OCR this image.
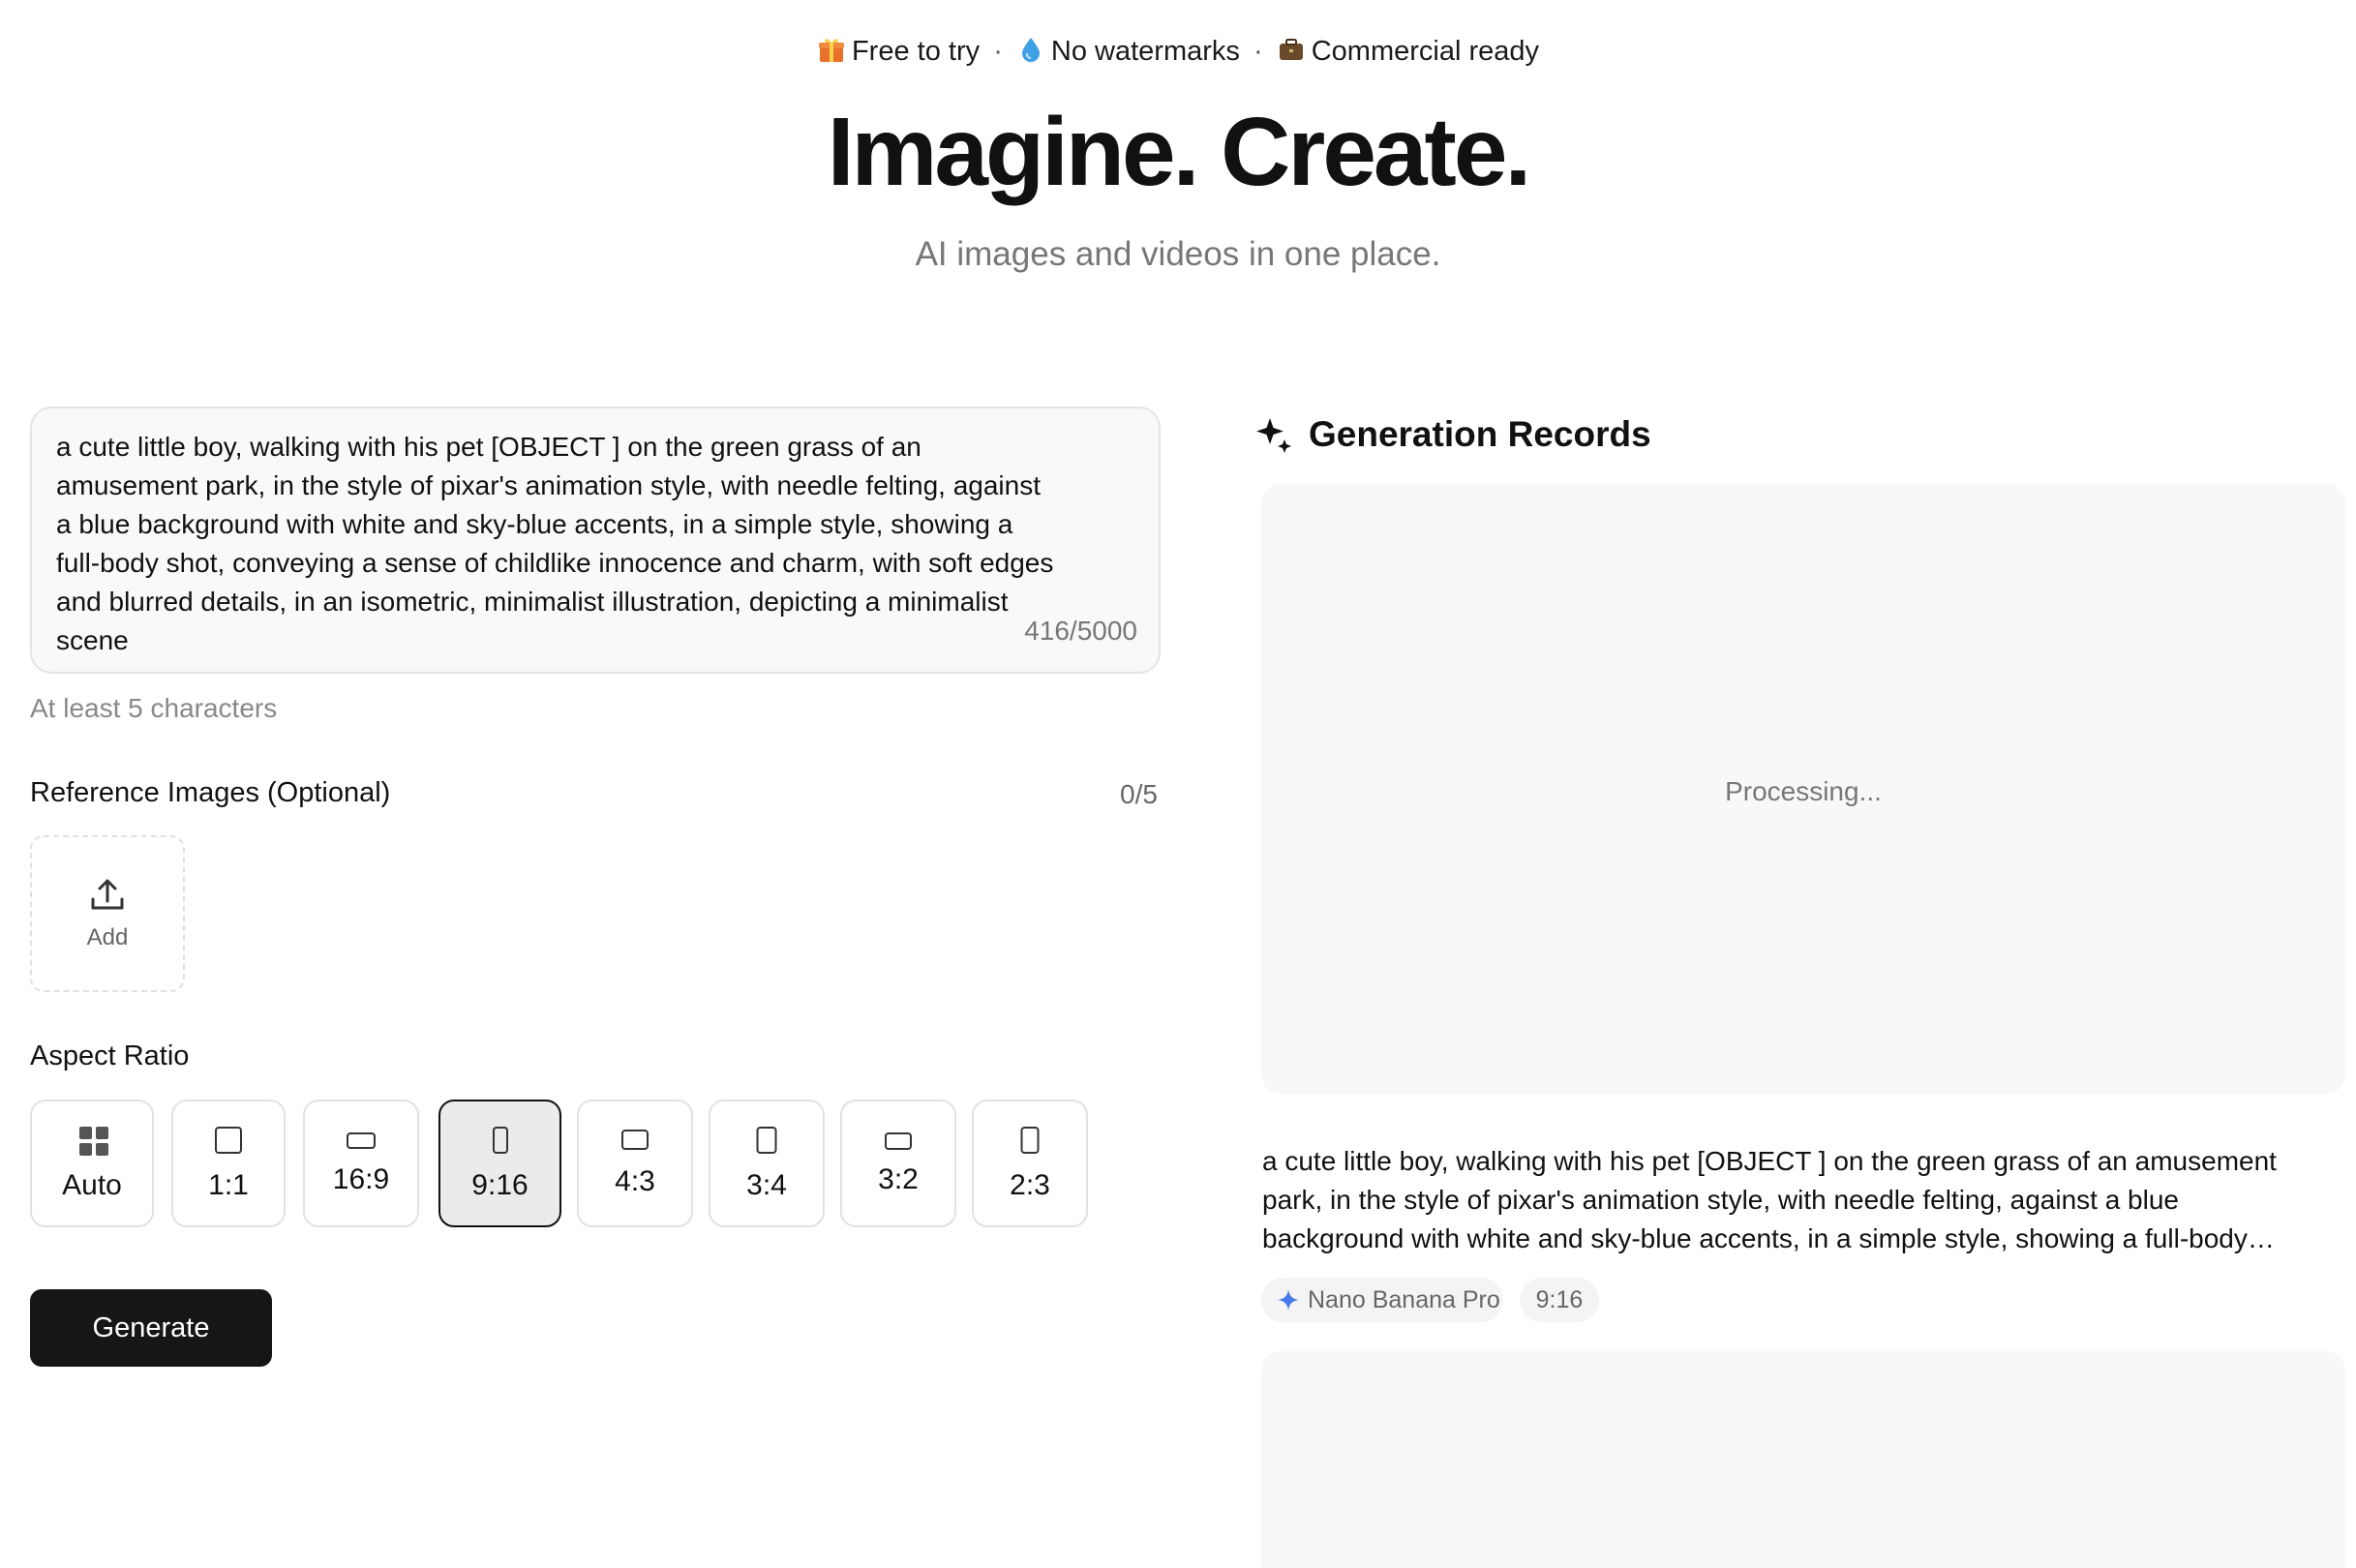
Free to try · No watermarks · Commercial ready
Imagine. Create.
AI images and videos in one place.
a cute little boy, walking with his pet [OBJECT ] on the green grass of an amusement park, in the style of pixar's animation style, with needle felting, against a blue background with white and sky-blue accents, in a simple style, showing a full-body shot, conveying a sense of childlike innocence and charm, with soft edges and blurred details, in an isometric, minimalist illustration, depicting a minimalist scene	416/5000
At least 5 characters
Reference Images (Optional)	0/5
Add
Aspect Ratio
Auto	1:1	16:9	9:16	4:3	3:4	3:2	2:3
Generate
Generation Records
Processing...
a cute little boy, walking with his pet [OBJECT ] on the green grass of an amusement park, in the style of pixar's animation style, with needle felting, against a blue background with white and sky-blue accents, in a simple style, showing a full-body…
Nano Banana Pro	9:16
